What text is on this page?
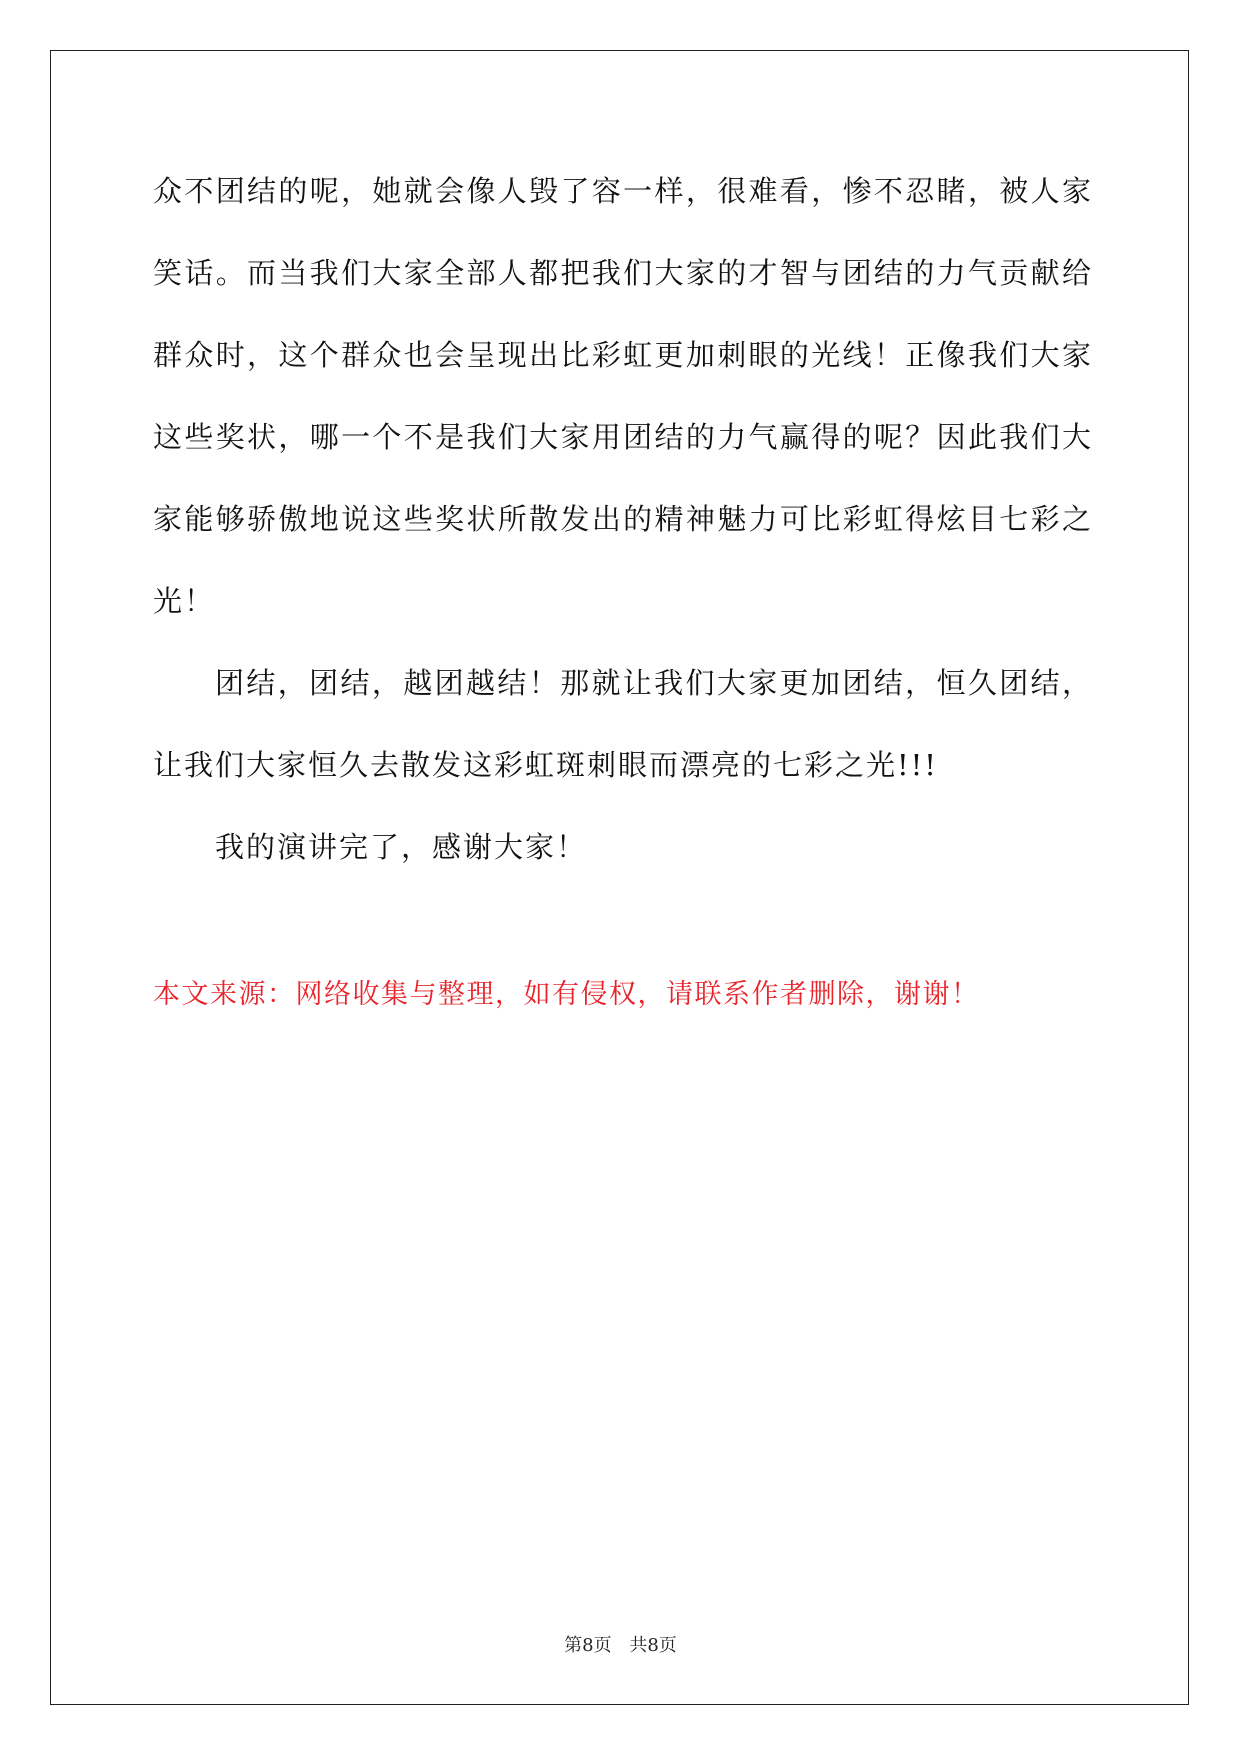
众不团结的呢，她就会像人毁了容一样，很难看，惨不忍睹，被人家笑话。而当我们大家全部人都把我们大家的才智与团结的力气贡献给群众时，这个群众也会呈现出比彩虹更加刺眼的光线！正像我们大家这些奖状，哪一个不是我们大家用团结的力气赢得的呢？因此我们大家能够骄傲地说这些奖状所散发出的精神魅力可比彩虹得炫目七彩之光！

团结，团结，越团越结！那就让我们大家更加团结，恒久团结，让我们大家恒久去散发这彩虹斑刺眼而漂亮的七彩之光!!!

我的演讲完了，感谢大家！

本文来源：网络收集与整理，如有侵权，请联系作者删除，谢谢！

第8页 共8页
